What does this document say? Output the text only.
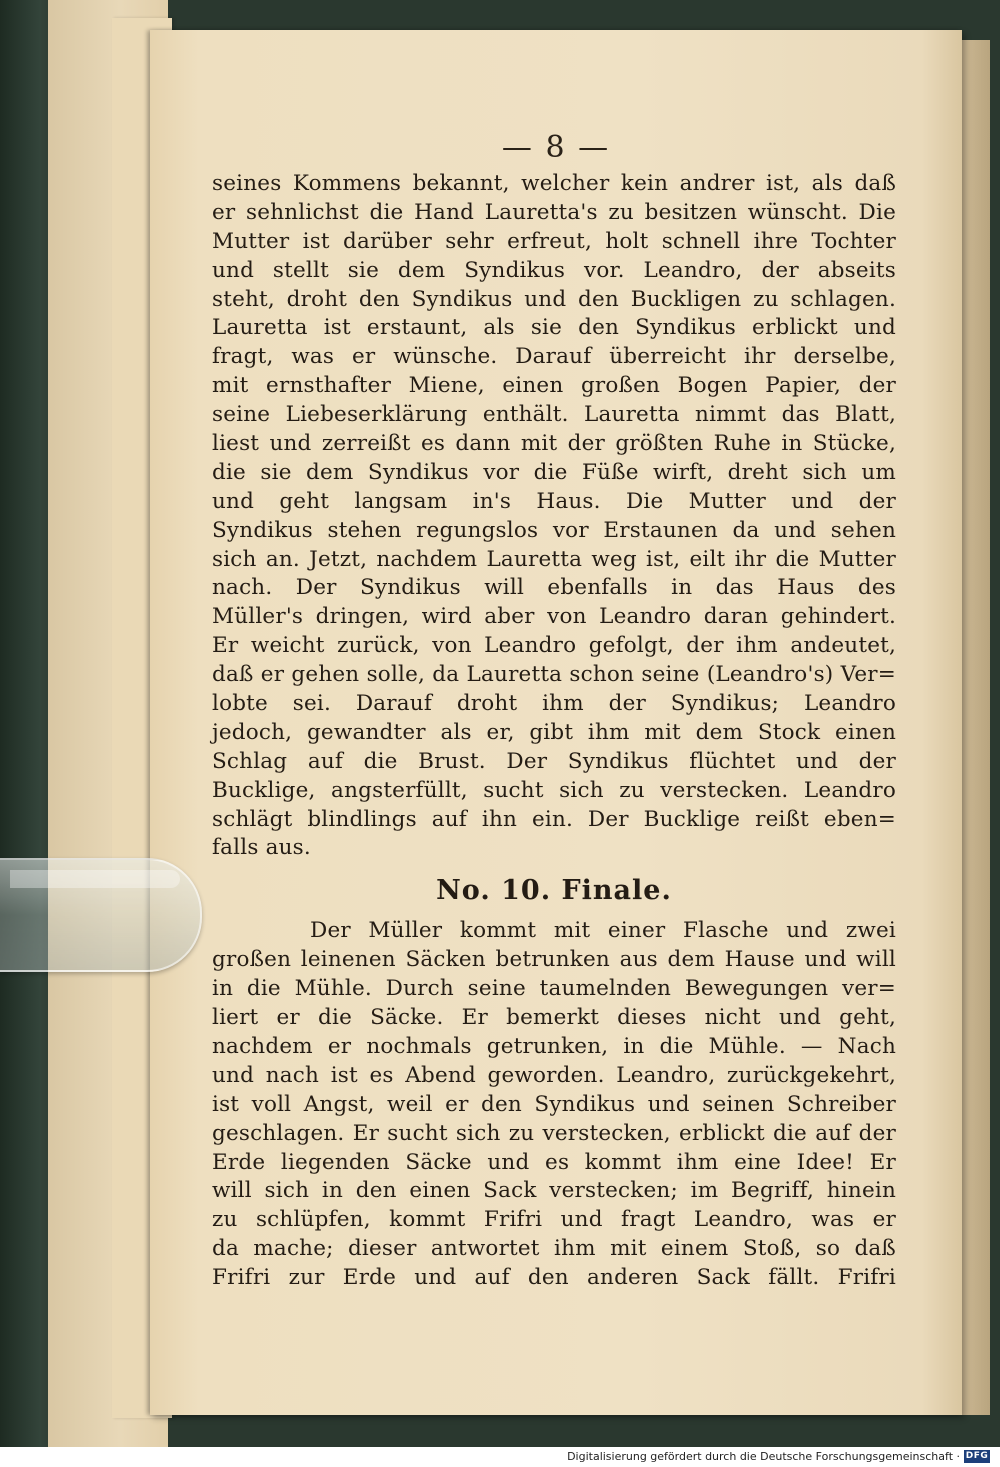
— 8 —
seines Kommens bekannt, welcher kein andrer ist, als daß
er sehnlichst die Hand Lauretta's zu besitzen wünscht. Die
Mutter ist darüber sehr erfreut, holt schnell ihre Tochter
und stellt sie dem Syndikus vor. Leandro, der abseits
steht, droht den Syndikus und den Buckligen zu schlagen.
Lauretta ist erstaunt, als sie den Syndikus erblickt und
fragt, was er wünsche. Darauf überreicht ihr derselbe,
mit ernsthafter Miene, einen großen Bogen Papier, der
seine Liebeserklärung enthält. Lauretta nimmt das Blatt,
liest und zerreißt es dann mit der größten Ruhe in Stücke,
die sie dem Syndikus vor die Füße wirft, dreht sich um
und geht langsam in's Haus. Die Mutter und der
Syndikus stehen regungslos vor Erstaunen da und sehen
sich an. Jetzt, nachdem Lauretta weg ist, eilt ihr die Mutter
nach. Der Syndikus will ebenfalls in das Haus des
Müller's dringen, wird aber von Leandro daran gehindert.
Er weicht zurück, von Leandro gefolgt, der ihm andeutet,
daß er gehen solle, da Lauretta schon seine (Leandro's) Ver=
lobte sei. Darauf droht ihm der Syndikus; Leandro
jedoch, gewandter als er, gibt ihm mit dem Stock einen
Schlag auf die Brust. Der Syndikus flüchtet und der
Bucklige, angsterfüllt, sucht sich zu verstecken. Leandro
schlägt blindlings auf ihn ein. Der Bucklige reißt eben=
falls aus.
No. 10. Finale.
Der Müller kommt mit einer Flasche und zwei
großen leinenen Säcken betrunken aus dem Hause und will
in die Mühle. Durch seine taumelnden Bewegungen ver=
liert er die Säcke. Er bemerkt dieses nicht und geht,
nachdem er nochmals getrunken, in die Mühle. — Nach
und nach ist es Abend geworden. Leandro, zurückgekehrt,
ist voll Angst, weil er den Syndikus und seinen Schreiber
geschlagen. Er sucht sich zu verstecken, erblickt die auf der
Erde liegenden Säcke und es kommt ihm eine Idee! Er
will sich in den einen Sack verstecken; im Begriff, hinein
zu schlüpfen, kommt Frifri und fragt Leandro, was er
da mache; dieser antwortet ihm mit einem Stoß, so daß
Frifri zur Erde und auf den anderen Sack fällt. Frifri
Digitalisierung gefördert durch die Deutsche Forschungsgemeinschaft · DFG
